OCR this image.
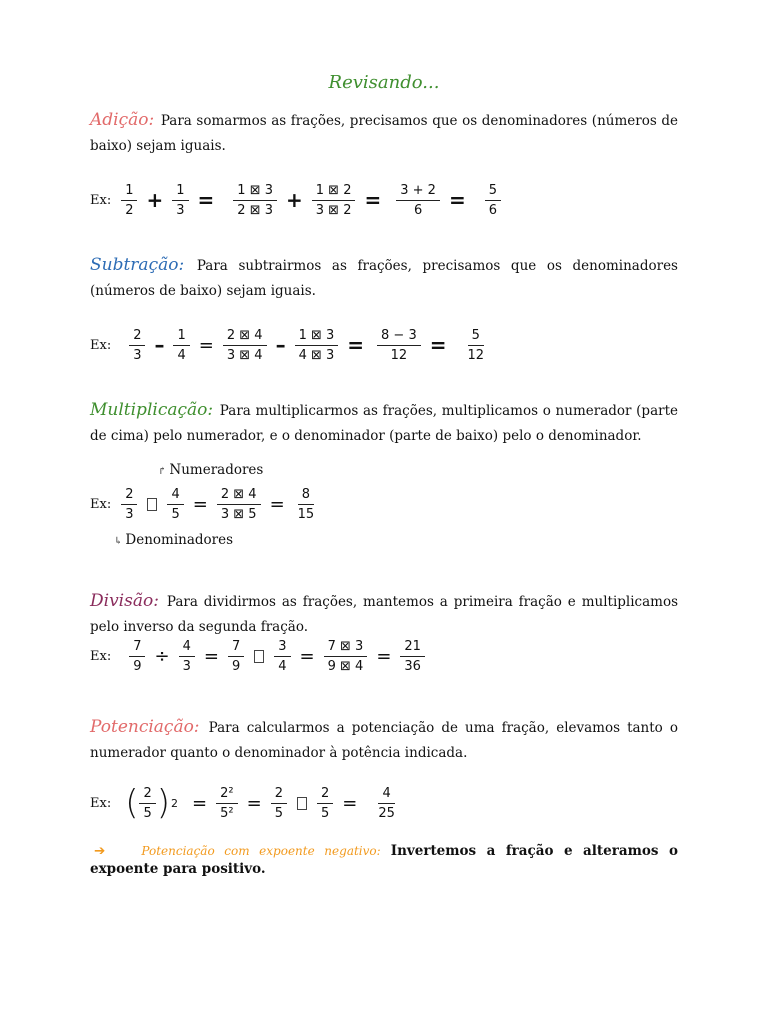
Revisando...
Adição: Para somarmos as frações, precisamos que os denominadores (números de baixo) sejam iguais.
Ex: $\frac{1}{2} + \frac{1}{3} = \frac{1 ⊠ 3}{2 ⊠ 3} + \frac{1 ⊠ 2}{3 ⊠ 2} = \frac{3 + 2}{6} = \frac{5}{6}$
Subtração: Para subtrairmos as frações, precisamos que os denominadores (números de baixo) sejam iguais.
Ex: $\frac{2}{3} - \frac{1}{4} = \frac{2 ⊠ 4}{3 ⊠ 4} - \frac{1 ⊠ 3}{4 ⊠ 3} = \frac{8 - 3}{12} = \frac{5}{12}$
Multiplicação: Para multiplicarmos as frações, multiplicamos o numerador (parte de cima) pelo numerador, e o denominador (parte de baixo) pelo o denominador.
↱ Numeradores
Ex: $\frac{2}{3} \frac{4}{5} = \frac{2 ⊠ 4}{3 ⊠ 5} = \frac{8}{15}$
↳ Denominadores
Divisão: Para dividirmos as frações, mantemos a primeira fração e multiplicamos pelo inverso da segunda fração.
Ex: $\frac{7}{9} \div \frac{4}{3} = \frac{7}{9} \frac{3}{4} = \frac{7 ⊠ 3}{9 ⊠ 4} = \frac{21}{36}$
Potenciação: Para calcularmos a potenciação de uma fração, elevamos tanto o numerador quanto o denominador à potência indicada.
Ex: ( $\frac{2}{5}$ ) $2 = \frac{\text{2²}}{\text{5²}} = \frac{2}{5} \frac{2}{5} = \frac{4}{25}$
➔	Potenciação com expoente negativo: Invertemos a fração e alteramos o expoente para positivo.
